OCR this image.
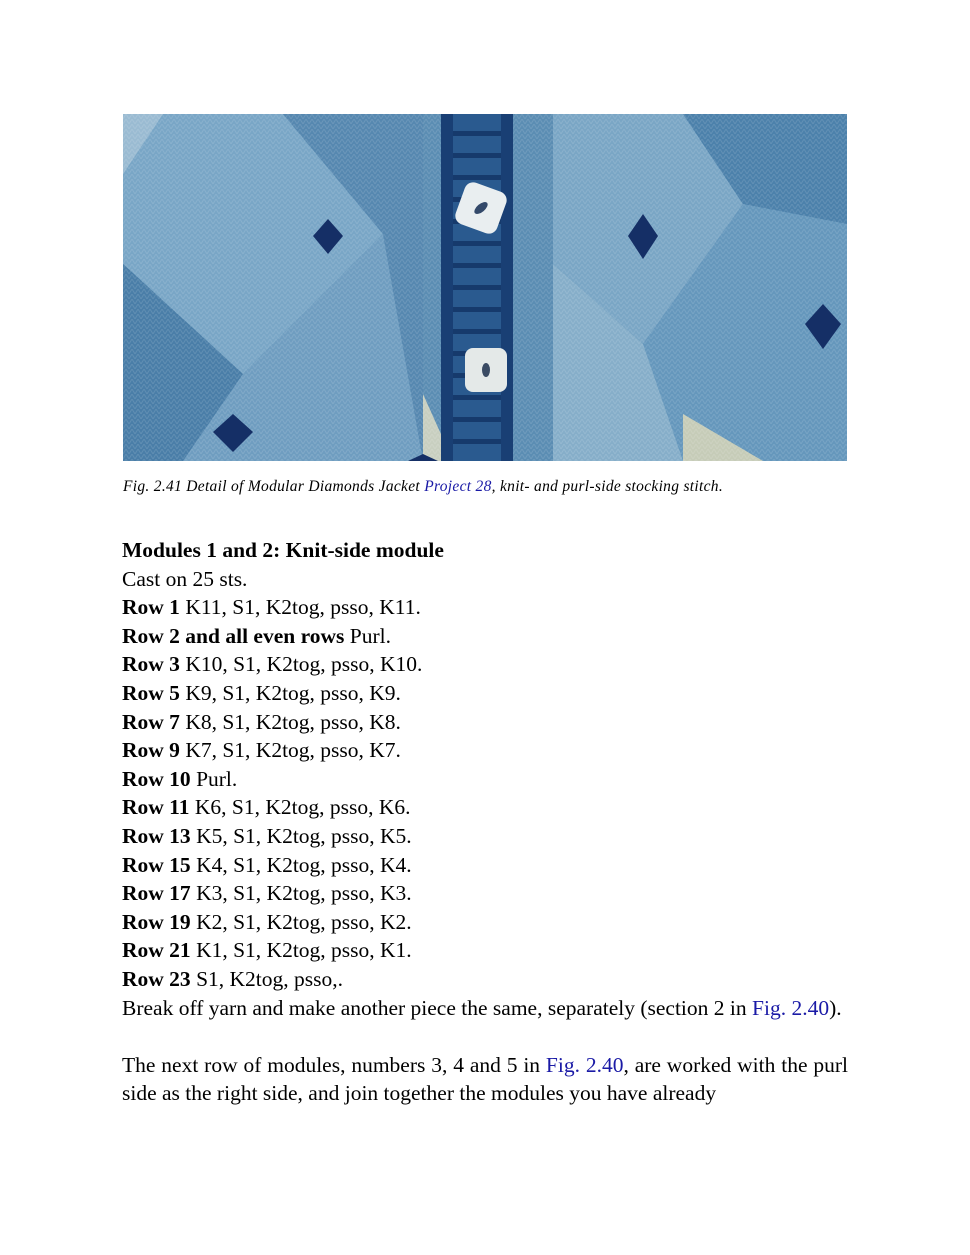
Fig. 2.41 Detail of Modular Diamonds Jacket Project 28, knit- and purl-side stocking stitch.

Modules 1 and 2: Knit-side module

Cast on 25 sts.

Row 1 K11, S1, K2tog, psso, K11.

Row 2 and all even rows Purl.

Row 3 K10, S1, K2tog, psso, K10.

Row 5 K9, S1, K2tog, psso, K9.

Row 7 K8, S1, K2tog, psso, K8.

Row 9 K7, S1, K2tog, psso, K7.

Row 10 Purl.

Row 11 K6, S1, K2tog, psso, K6.

Row 13 K5, S1, K2tog, psso, K5.

Row 15 K4, S1, K2tog, psso, K4.

Row 17 K3, S1, K2tog, psso, K3.

Row 19 K2, S1, K2tog, psso, K2.

Row 21 K1, S1, K2tog, psso, K1.

Row 23 S1, K2tog, psso,.

Break off yarn and make another piece the same, separately (section 2 in Fig. 2.40).

The next row of modules, numbers 3, 4 and 5 in Fig. 2.40, are worked with the purl side as the right side, and join together the modules you have already
